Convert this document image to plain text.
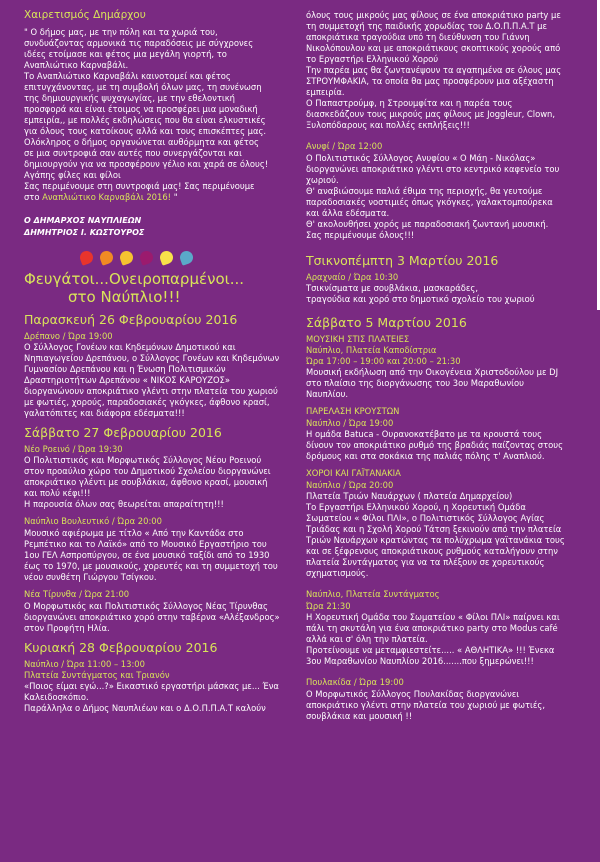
Χαιρετισμός Δημάρχου

" Ο δήμος μας, με την πόλη και τα χωριά του,

συνδυάζοντας αρμονικά τις παραδόσεις με σύγχρονες

ιδέες ετοίμασε και φέτος μια μεγάλη γιορτή, το

Αναπλιώτικο Καρναβάλι.

Το Αναπλιώτικο Καρναβάλι καινοτομεί και φέτος

επιτυγχάνοντας, με τη συμβολή όλων μας, τη συνένωση

της δημιουργικής ψυχαγωγίας, με την εθελοντική

προσφορά και είναι έτοιμος να προσφέρει μια μοναδική

εμπειρία,, με πολλές εκδηλώσεις που θα είναι ελκυστικές

για όλους τους κατοίκους αλλά και τους επισκέπτες μας.

Ολόκληρος ο δήμος οργανώνεται αυθόρμητα και φέτος

σε μια συντροφιά σαν αυτές που συνεργάζονται και

δημιουργούν για να προσφέρουν γέλιο και χαρά σε όλους!

Αγάπης φίλες και φίλοι

Σας περιμένουμε στη συντροφιά μας! Σας περιμένουμε

στο Αναπλιώτικο Καρναβάλι 2016! "

Ο ΔΗΜΑΡΧΟΣ ΝΑΥΠΛΙΕΩΝ

ΔΗΜΗΤΡΙΟΣ Ι. ΚΩΣΤΟΥΡΟΣ

Φευγάτοι...Ονειροπαρμένοι...

στο Ναύπλιο!!!

Παρασκευή 26 Φεβρουαρίου 2016

Δρέπανο / Ώρα 19:00

Ο Σύλλογος Γονέων και Κηδεμόνων Δημοτικού και

Νηπιαγωγείου Δρεπάνου, ο Σύλλογος Γονέων και Κηδεμόνων

Γυμνασίου Δρεπάνου και η Ένωση Πολιτισμικών

Δραστηριοτήτων Δρεπάνου « ΝΙΚΟΣ ΚΑΡΟΥΖΟΣ»

διοργανώνουν αποκριάτικο γλέντι στην πλατεία του χωριού

με φωτιές, χορούς, παραδοσιακές γκόγκες, άφθονο κρασί,

γαλατόπιτες και διάφορα εδέσματα!!!

Σάββατο 27 Φεβρουαρίου 2016

Νέο Ροεινό / Ώρα 19:30

Ο Πολιτιστικός και Μορφωτικός Σύλλογος Νέου Ροεινού

στον προαύλιο χώρο του Δημοτικού Σχολείου διοργανώνει

αποκριάτικο γλέντι με σουβλάκια, άφθονο κρασί, μουσική

και πολύ κέφι!!!

Η παρουσία όλων σας θεωρείται απαραίτητη!!!

Ναύπλιο Βουλευτικό / Ώρα 20:00

Μουσικό αφιέρωμα με τίτλο « Από την Καντάδα στο

Ρεμπέτικο και το Λαϊκό» από το Μουσικό Εργαστήριο του

1ου ΓΕΛ Ασπροπύργου, σε ένα μουσικό ταξίδι από το 1930

έως το 1970, με μουσικούς, χορευτές και τη συμμετοχή του

νέου συνθέτη Γιώργου Τσίγκου.

Νέα Τίρυνθα / Ώρα 21:00

Ο Μορφωτικός και Πολιτιστικός Σύλλογος Νέας Τίρυνθας

διοργανώνει αποκριάτικο χορό στην ταβέρνα «Αλέξανδρος»

στον Προφήτη Ηλία.

Κυριακή 28 Φεβρουαρίου 2016

Ναύπλιο / Ώρα 11:00 – 13:00

Πλατεία Συντάγματος και Τριανόν

«Ποιος είμαι εγώ...?» Εικαστικό εργαστήρι μάσκας με... Ένα

Καλειδοσκόπιο.

Παράλληλα ο Δήμος Ναυπλιέων και ο Δ.Ο.Π.Π.Α.Τ καλούν

όλους τους μικρούς μας φίλους σε ένα αποκριάτικο party με

τη συμμετοχή της παιδικής χορωδίας του Δ.Ο.Π.Π.Α.Τ με

αποκριάτικα τραγούδια υπό τη διεύθυνση του Γιάννη

Νικολόπουλου και με αποκριάτικους σκοπτικούς χορούς από

το Εργαστήρι Ελληνικού Χορού

Την παρέα μας θα ζωντανέψουν τα αγαπημένα σε όλους μας

ΣΤΡΟΥΜΦΑΚΙΑ, τα οποία θα μας προσφέρουν μια αξέχαστη

εμπειρία.

Ο Παπαστρούμφ, η Στρουμφίτα και η παρέα τους

διασκεδάζουν τους μικρούς μας φίλους με Joggleur, Clown,

Ξυλοπόδαρους και πολλές εκπλήξεις!!!

Ανυφί / Ώρα 12:00

Ο Πολιτιστικός Σύλλογος Ανυφίου « Ο Μάη - Νικόλας»

διοργανώνει αποκριάτικο γλέντι στο κεντρικό καφενείο του

χωριού.

Θ' αναβιώσουμε παλιά έθιμα της περιοχής, θα γευτούμε

παραδοσιακές νοστιμιές όπως γκόγκες, γαλακτομπούρεκα

και άλλα εδέσματα.

Θ' ακολουθήσει χορός με παραδοσιακή ζωντανή μουσική.

Σας περιμένουμε όλους!!!

Τσικνοπέμπτη 3 Μαρτίου 2016

Αραχναίο / Ώρα 10:30

Τσικνίσματα με σουβλάκια, μασκαράδες,

τραγούδια και χορό στο δημοτικό σχολείο του χωριού

Σάββατο 5 Μαρτίου 2016

ΜΟΥΣΙΚΗ ΣΤΙΣ ΠΛΑΤΕΙΕΣ

Ναύπλιο, Πλατεία Καποδίστρια

Ώρα 17:00 – 19:00 και 20:00 – 21:30

Μουσική εκδήλωση από την Οικογένεια Χριστοδούλου με DJ

στο πλαίσιο της διοργάνωσης του 3ου Μαραθωνίου

Ναυπλίου.

ΠΑΡΕΛΑΣΗ ΚΡΟΥΣΤΩΝ

Ναύπλιο / Ώρα 19:00

Η ομάδα Batuca - Ουρανοκατέβατο με τα κρουστά τους

δίνουν τον αποκριάτικο ρυθμό της βραδιάς παίζοντας στους

δρόμους και στα σοκάκια της παλιάς πόλης τ' Αναπλιού.

ΧΟΡΟΙ ΚΑΙ ΓΑΪΤΑΝΑΚΙΑ

Ναύπλιο / Ώρα 20:00

Πλατεία Τριών Ναυάρχων ( πλατεία Δημαρχείου)

Το Εργαστήρι Ελληνικού Χορού, η Χορευτική Ομάδα

Σωματείου « Φίλοι ΠΛΙ», ο Πολιτιστικός Σύλλογος Αγίας

Τριάδας και η Σχολή Χορού Τάτση ξεκινούν από την πλατεία

Τριών Ναυάρχων κρατώντας τα πολύχρωμα γαϊτανάκια τους

και σε ξέφρενους αποκριάτικους ρυθμούς καταλήγουν στην

πλατεία Συντάγματος για να τα πλέξουν σε χορευτικούς

σχηματισμούς.

Ναύπλιο, Πλατεία Συντάγματος

Ώρα 21:30

Η Χορευτική Ομάδα του Σωματείου « Φίλοι ΠΛΙ» παίρνει και

πάλι τη σκυτάλη για ένα αποκριάτικο party στο Modus café

αλλά και σ' όλη την πλατεία.

Προτείνουμε να μεταμφιεστείτε..... « ΑΘΛΗΤΙΚΑ» !!! Ένεκα

3ου Μαραθωνίου Ναυπλίου 2016.......που ξημερώνει!!!

Πουλακίδα / Ώρα 19:00

Ο Μορφωτικός Σύλλογος Πουλακίδας διοργανώνει

αποκριάτικο γλέντι στην πλατεία του χωριού με φωτιές,

σουβλάκια και μουσική !!
